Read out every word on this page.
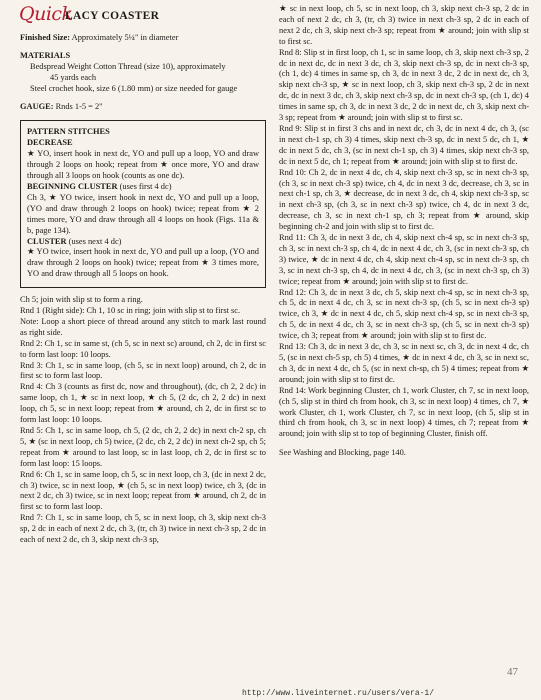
Quick
LACY COASTER
Finished Size: Approximately 5¼" in diameter
MATERIALS
Bedspread Weight Cotton Thread (size 10), approximately
45 yards each
Steel crochet hook, size 6 (1.80 mm) or size needed for gauge
GAUGE: Rnds 1-5 = 2"
PATTERN STITCHES
DECREASE

★ YO, insert hook in next dc, YO and pull up a loop, YO and draw through 2 loops on hook; repeat from ★ once more, YO and draw through all 3 loops on hook (counts as one dc).

BEGINNING CLUSTER (uses first 4 dc)

Ch 3, ★ YO twice, insert hook in next dc, YO and pull up a loop, (YO and draw through 2 loops on hook) twice; repeat from ★ 2 times more, YO and draw through all 4 loops on hook (Figs. 11a & b, page 134).

CLUSTER (uses next 4 dc)

★ YO twice, insert hook in next dc, YO and pull up a loop, (YO and draw through 2 loops on hook) twice; repeat from ★ 3 times more, YO and draw through all 5 loops on hook.

Ch 5; join with slip st to form a ring.

Rnd 1 (Right side): Ch 1, 10 sc in ring; join with slip st to first sc.

Note: Loop a short piece of thread around any stitch to mark last round as right side.

Rnd 2: Ch 1, sc in same st, (ch 5, sc in next sc) around, ch 2, dc in first sc to form last loop: 10 loops.

Rnd 3: Ch 1, sc in same loop, (ch 5, sc in next loop) around, ch 2, dc in first sc to form last loop.

Rnd 4: Ch 3 (counts as first dc, now and throughout), (dc, ch 2, 2 dc) in same loop, ch 1, ★ sc in next loop, ★ ch 5, (2 dc, ch 2, 2 dc) in next loop, ch 5, sc in next loop; repeat from ★ around, ch 2, dc in first sc to form last loop: 10 loops.

Rnd 5: Ch 1, sc in same loop, ch 5, (2 dc, ch 2, 2 dc) in next ch-2 sp, ch 5, ★ (sc in next loop, ch 5) twice, (2 dc, ch 2, 2 dc) in next ch-2 sp, ch 5; repeat from ★ around to last loop, sc in last loop, ch 2, dc in first sc to form last loop: 15 loops.

Rnd 6: Ch 1, sc in same loop, ch 5, sc in next loop, ch 3, (dc in next 2 dc, ch 3) twice, sc in next loop, ★ (ch 5, sc in next loop) twice, ch 3, (dc in next 2 dc, ch 3) twice, sc in next loop; repeat from ★ around, ch 2, dc in first sc to form last loop.

Rnd 7: Ch 1, sc in same loop, ch 5, sc in next loop, ch 3, skip next ch-3 sp, 2 dc in each of next 2 dc, ch 3, (tr, ch 3) twice in next ch-3 sp, 2 dc in each of next 2 dc, ch 3, skip next ch-3 sp,

★ sc in next loop, ch 5, sc in next loop, ch 3, skip next ch-3 sp, 2 dc in each of next 2 dc, ch 3, (tr, ch 3) twice in next ch-3 sp, 2 dc in each of next 2 dc, ch 3, skip next ch-3 sp; repeat from ★ around; join with slip st to first sc.

Rnd 8: Slip st in first loop, ch 1, sc in same loop, ch 3, skip next ch-3 sp, 2 dc in next dc, dc in next 3 dc, ch 3, skip next ch-3 sp, dc in next ch-3 sp, (ch 1, dc) 4 times in same sp, ch 3, dc in next 3 dc, 2 dc in next dc, ch 3, skip next ch-3 sp, ★ sc in next loop, ch 3, skip next ch-3 sp, 2 dc in next dc, dc in next 3 dc, ch 3, skip next ch-3 sp, dc in next ch-3 sp, (ch 1, dc) 4 times in same sp, ch 3, dc in next 3 dc, 2 dc in next dc, ch 3, skip next ch-3 sp; repeat from ★ around; join with slip st to first sc.

Rnd 9: Slip st in first 3 chs and in next dc, ch 3, dc in next 4 dc, ch 3, (sc in next ch-1 sp, ch 3) 4 times, skip next ch-3 sp, dc in next 5 dc, ch 1, ★ dc in next 5 dc, ch 3, (sc in next ch-1 sp, ch 3) 4 times, skip next ch-3 sp, dc in next 5 dc, ch 1; repeat from ★ around; join with slip st to first dc.

Rnd 10: Ch 2, dc in next 4 dc, ch 4, skip next ch-3 sp, sc in next ch-3 sp, (ch 3, sc in next ch-3 sp) twice, ch 4, dc in next 3 dc, decrease, ch 3, sc in next ch-1 sp, ch 3, ★ decrease, dc in next 3 dc, ch 4, skip next ch-3 sp, sc in next ch-3 sp, (ch 3, sc in next ch-3 sp) twice, ch 4, dc in next 3 dc, decrease, ch 3, sc in next ch-1 sp, ch 3; repeat from ★ around, skip beginning ch-2 and join with slip st to first dc.

Rnd 11: Ch 3, dc in next 3 dc, ch 4, skip next ch-4 sp, sc in next ch-3 sp, ch 3, sc in next ch-3 sp, ch 4, dc in next 4 dc, ch 3, (sc in next ch-3 sp, ch 3) twice, ★ dc in next 4 dc, ch 4, skip next ch-4 sp, sc in next ch-3 sp, ch 3, sc in next ch-3 sp, ch 4, dc in next 4 dc, ch 3, (sc in next ch-3 sp, ch 3) twice; repeat from ★ around; join with slip st to first dc.

Rnd 12: Ch 3, dc in next 3 dc, ch 5, skip next ch-4 sp, sc in next ch-3 sp, ch 5, dc in next 4 dc, ch 3, sc in next ch-3 sp, (ch 5, sc in next ch-3 sp) twice, ch 3, ★ dc in next 4 dc, ch 5, skip next ch-4 sp, sc in next ch-3 sp, ch 5, dc in next 4 dc, ch 3, sc in next ch-3 sp, (ch 5, sc in next ch-3 sp) twice, ch 3; repeat from ★ around; join with slip st to first dc.

Rnd 13: Ch 3, dc in next 3 dc, ch 3, sc in next sc, ch 3, dc in next 4 dc, ch 5, (sc in next ch-5 sp, ch 5) 4 times, ★ dc in next 4 dc, ch 3, sc in next sc, ch 3, dc in next 4 dc, ch 5, (sc in next ch-sp, ch 5) 4 times; repeat from ★ around; join with slip st to first dc.

Rnd 14: Work beginning Cluster, ch 1, work Cluster, ch 7, sc in next loop, (ch 5, slip st in third ch from hook, ch 3, sc in next loop) 4 times, ch 7, ★ work Cluster, ch 1, work Cluster, ch 7, sc in next loop, (ch 5, slip st in third ch from hook, ch 3, sc in next loop) 4 times, ch 7; repeat from ★ around; join with slip st to top of beginning Cluster, finish off.

See Washing and Blocking, page 140.

47
http://www.liveinternet.ru/users/vera-1/
